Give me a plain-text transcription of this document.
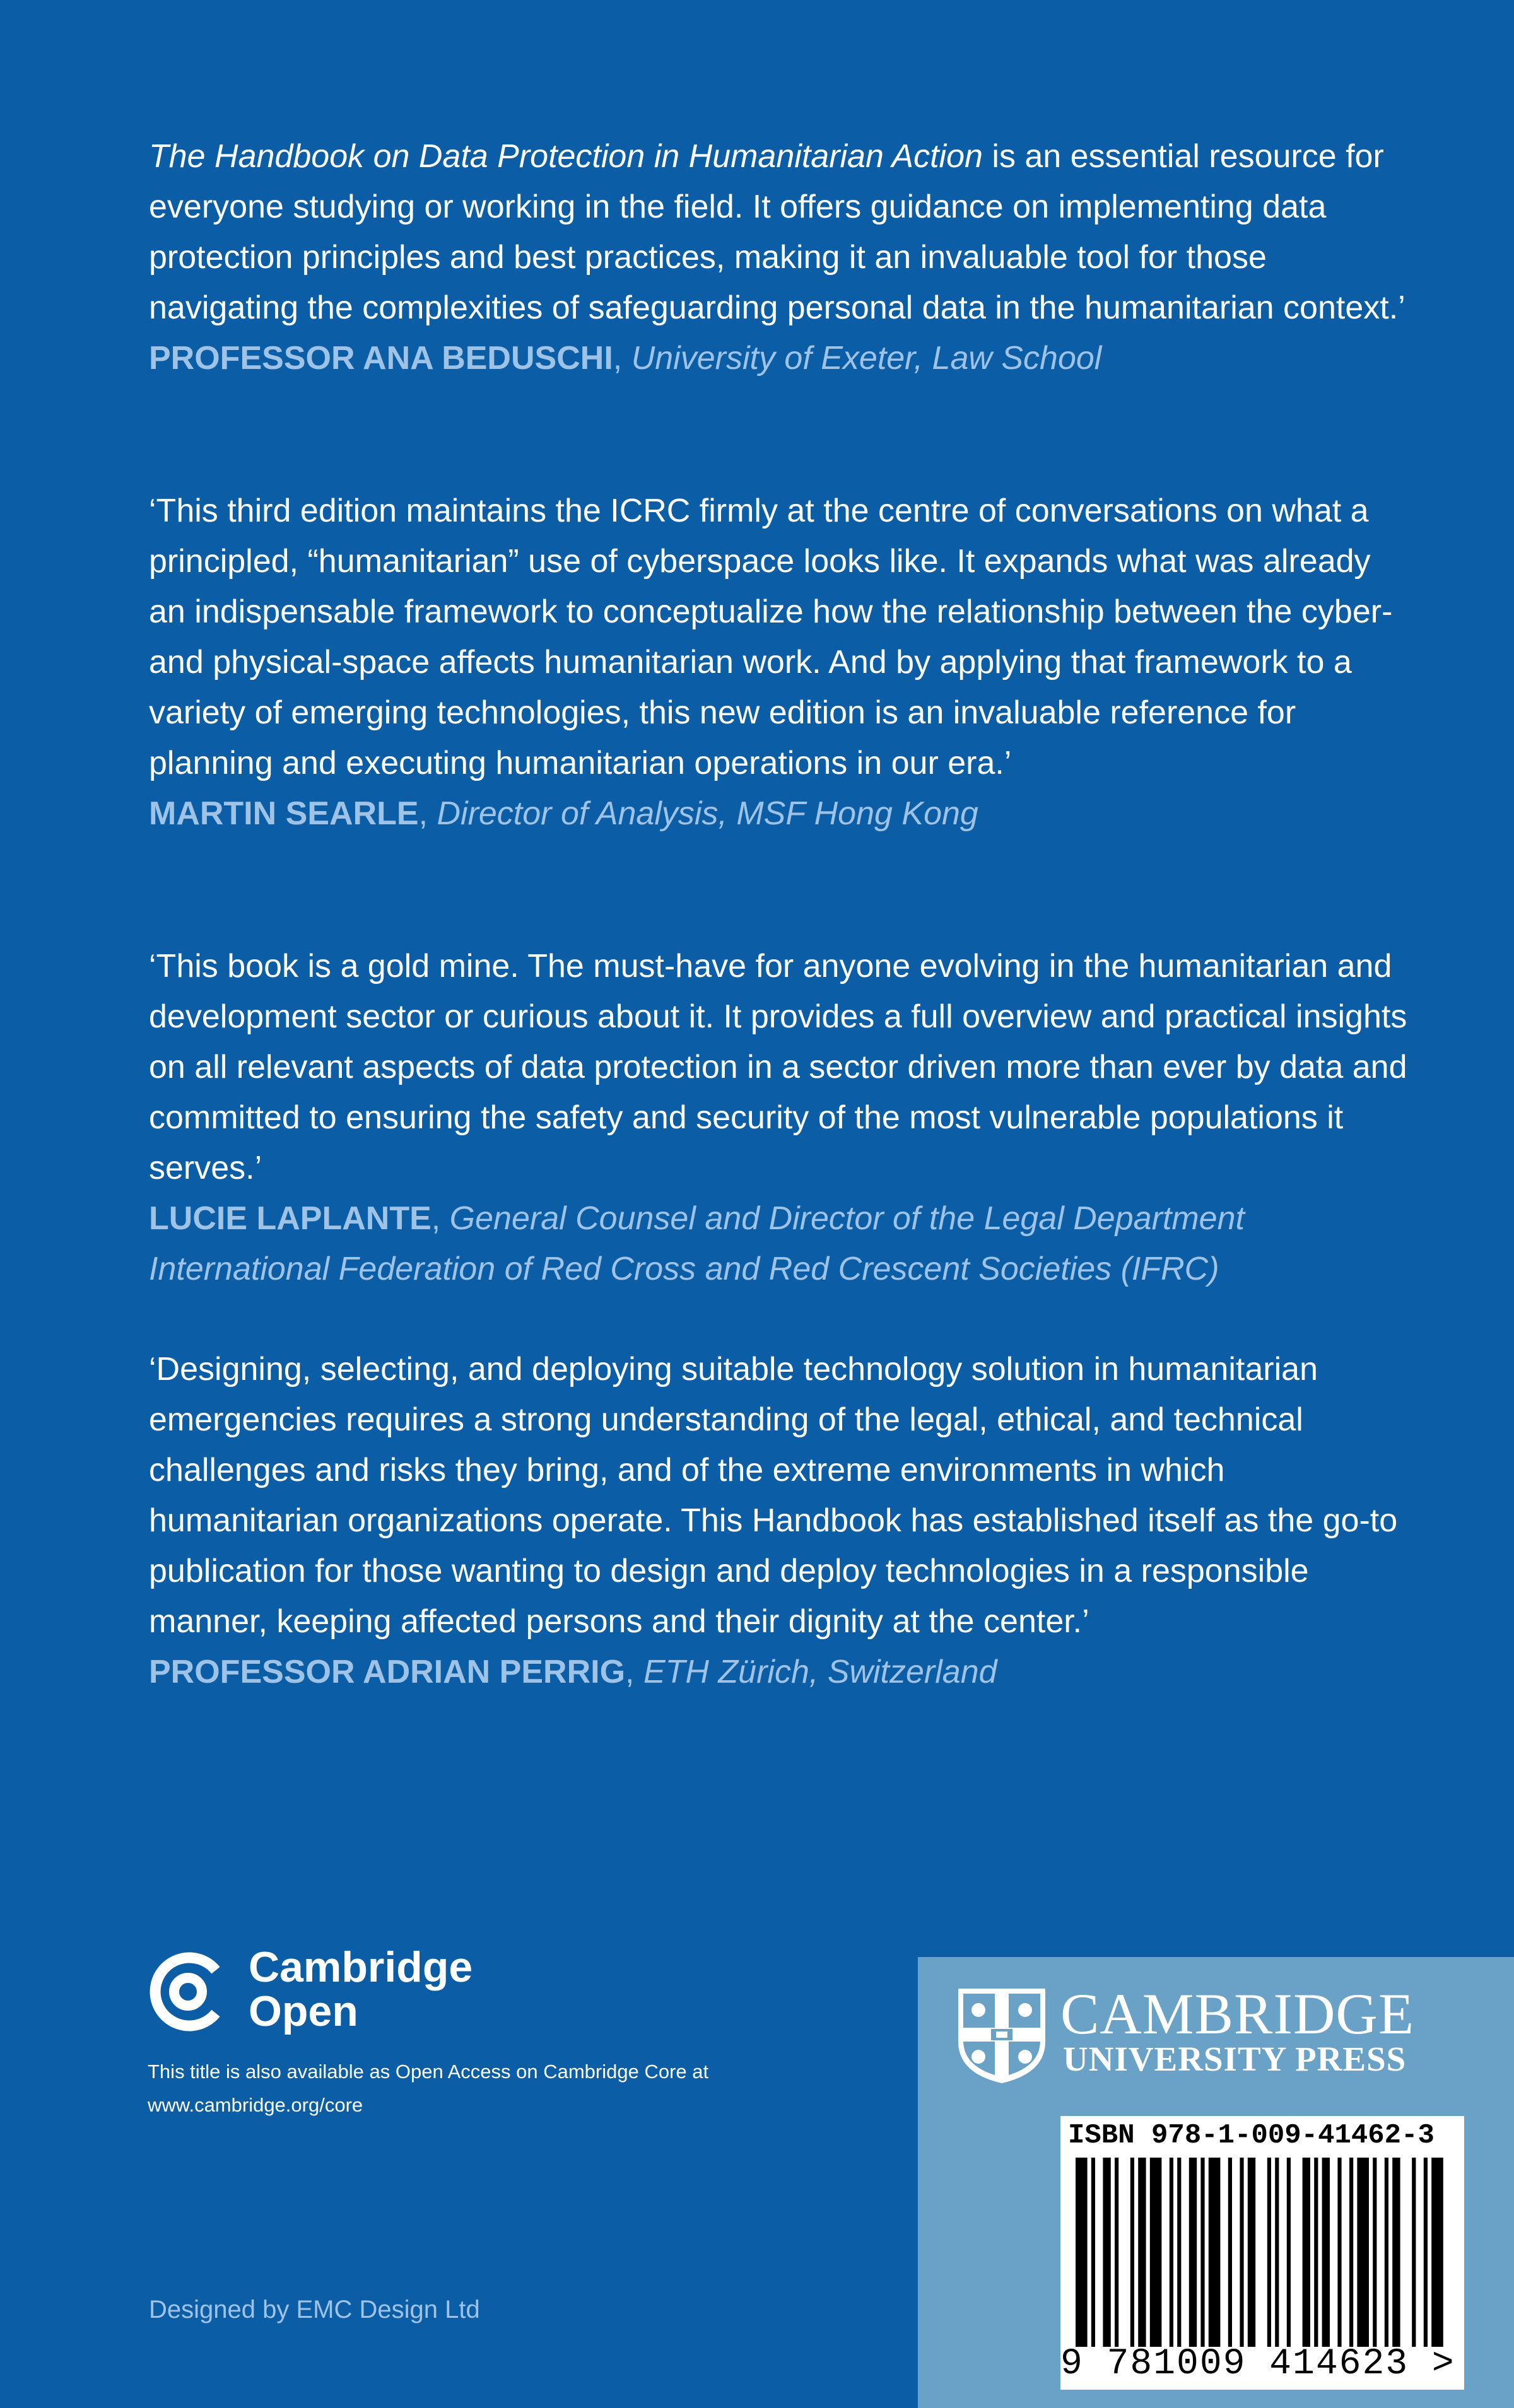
The Handbook on Data Protection in Humanitarian Action is an essential resource for everyone studying or working in the field. It offers guidance on implementing data protection principles and best practices, making it an invaluable tool for those navigating the complexities of safeguarding personal data in the humanitarian context.’

PROFESSOR ANA BEDUSCHI, University of Exeter, Law School

‘This third edition maintains the ICRC firmly at the centre of conversations on what a principled, “humanitarian” use of cyberspace looks like. It expands what was already an indispensable framework to conceptualize how the relationship between the cyber- and physical-space affects humanitarian work. And by applying that framework to a variety of emerging technologies, this new edition is an invaluable reference for planning and executing humanitarian operations in our era.’

MARTIN SEARLE, Director of Analysis, MSF Hong Kong

‘This book is a gold mine. The must-have for anyone evolving in the humanitarian and development sector or curious about it. It provides a full overview and practical insights on all relevant aspects of data protection in a sector driven more than ever by data and committed to ensuring the safety and security of the most vulnerable populations it serves.’

LUCIE LAPLANTE, General Counsel and Director of the Legal Department

International Federation of Red Cross and Red Crescent Societies (IFRC)

‘Designing, selecting, and deploying suitable technology solution in humanitarian emergencies requires a strong understanding of the legal, ethical, and technical challenges and risks they bring, and of the extreme environments in which humanitarian organizations operate. This Handbook has established itself as the go-to publication for those wanting to design and deploy technologies in a responsible manner, keeping affected persons and their dignity at the center.’

PROFESSOR ADRIAN PERRIG, ETH Zürich, Switzerland

Cambridge
Open
This title is also available as Open Access on Cambridge Core at www.cambridge.org/core
Designed by EMC Design Ltd
CAMBRIDGE
UNIVERSITY PRESS
ISBN 978-1-009-41462-3
9 781009 414623 >
